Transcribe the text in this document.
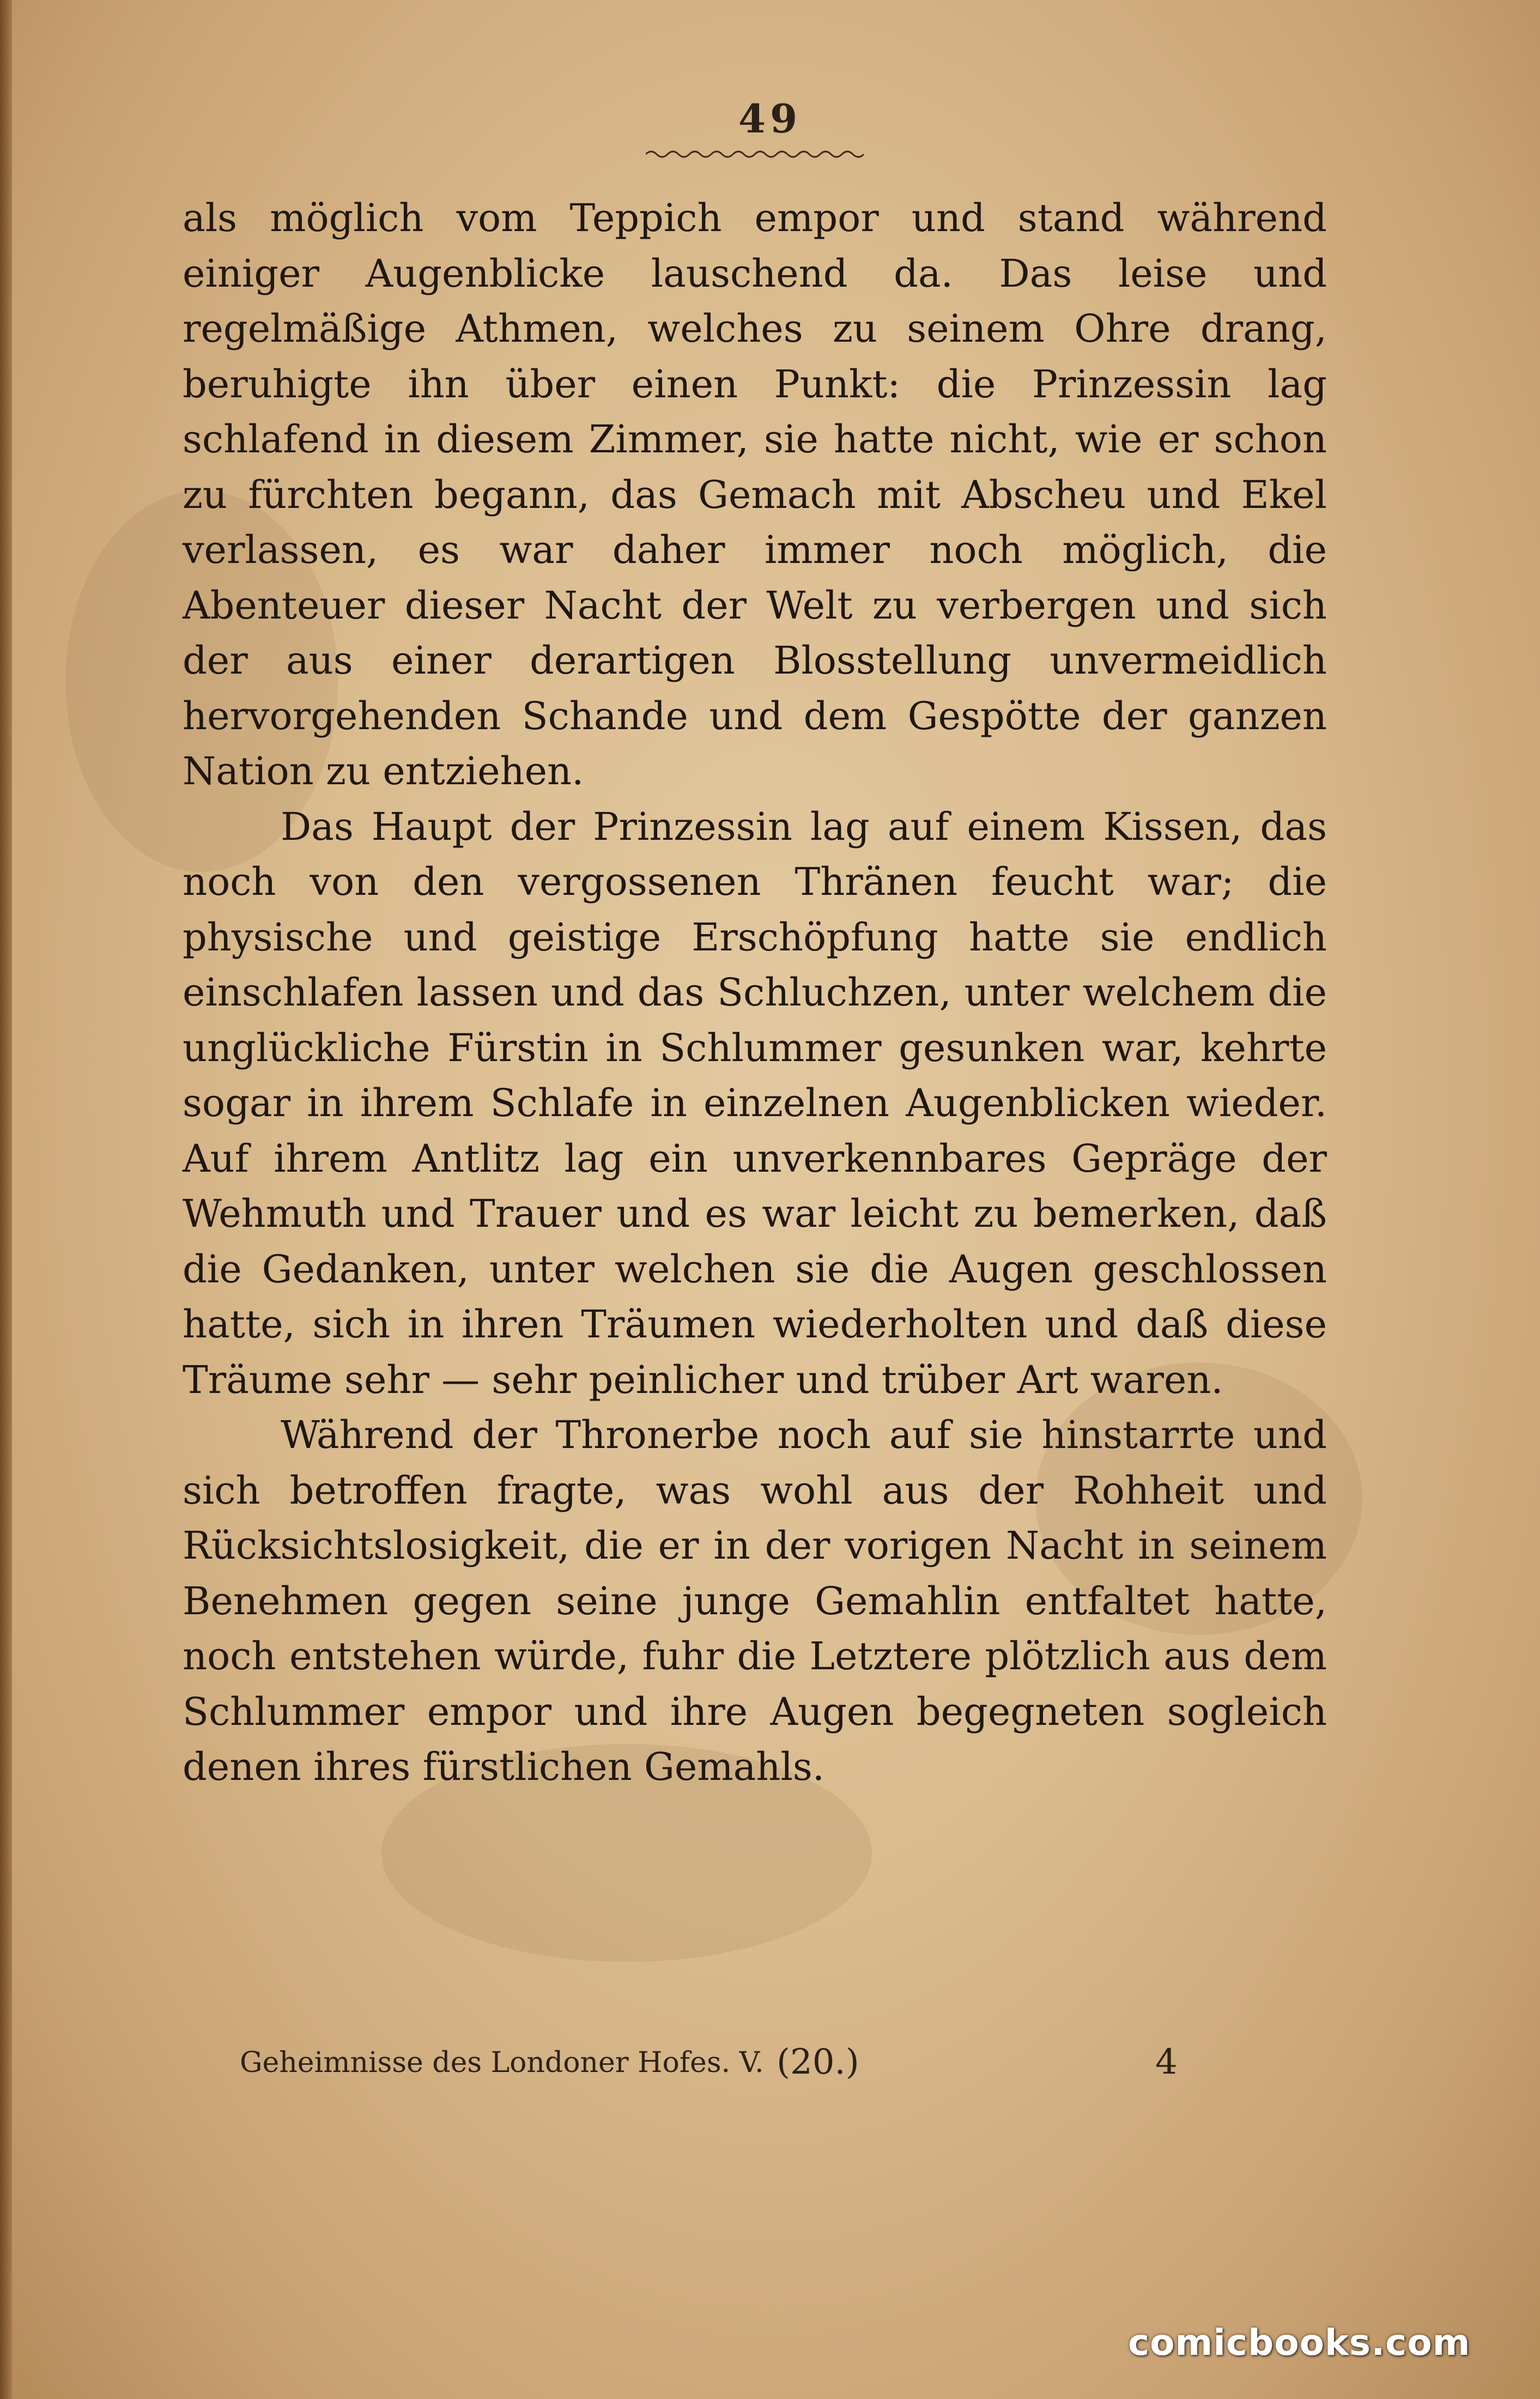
49

als möglich vom Teppich empor und stand während einiger Augenblicke lauschend da. Das leise und regelmäßige Athmen, welches zu seinem Ohre drang, beruhigte ihn über einen Punkt: die Prinzessin lag schlafend in diesem Zimmer, sie hatte nicht, wie er schon zu fürchten begann, das Gemach mit Abscheu und Ekel verlassen, es war daher immer noch möglich, die Abenteuer dieser Nacht der Welt zu verbergen und sich der aus einer derartigen Blosstellung unvermeidlich hervorgehenden Schande und dem Gespötte der ganzen Nation zu entziehen.

Das Haupt der Prinzessin lag auf einem Kissen, das noch von den vergossenen Thränen feucht war; die physische und geistige Erschöpfung hatte sie endlich einschlafen lassen und das Schluchzen, unter welchem die unglückliche Fürstin in Schlummer gesunken war, kehrte sogar in ihrem Schlafe in einzelnen Augenblicken wieder. Auf ihrem Antlitz lag ein unverkennbares Gepräge der Wehmuth und Trauer und es war leicht zu bemerken, daß die Gedanken, unter welchen sie die Augen geschlossen hatte, sich in ihren Träumen wiederholten und daß diese Träume sehr — sehr peinlicher und trüber Art waren.

Während der Thronerbe noch auf sie hinstarrte und sich betroffen fragte, was wohl aus der Rohheit und Rücksichtslosigkeit, die er in der vorigen Nacht in seinem Benehmen gegen seine junge Gemahlin entfaltet hatte, noch entstehen würde, fuhr die Letztere plötzlich aus dem Schlummer empor und ihre Augen begegneten sogleich denen ihres fürstlichen Gemahls.

Geheimnisse des Londoner Hofes. V. (20.)	4
comicbooks.com
